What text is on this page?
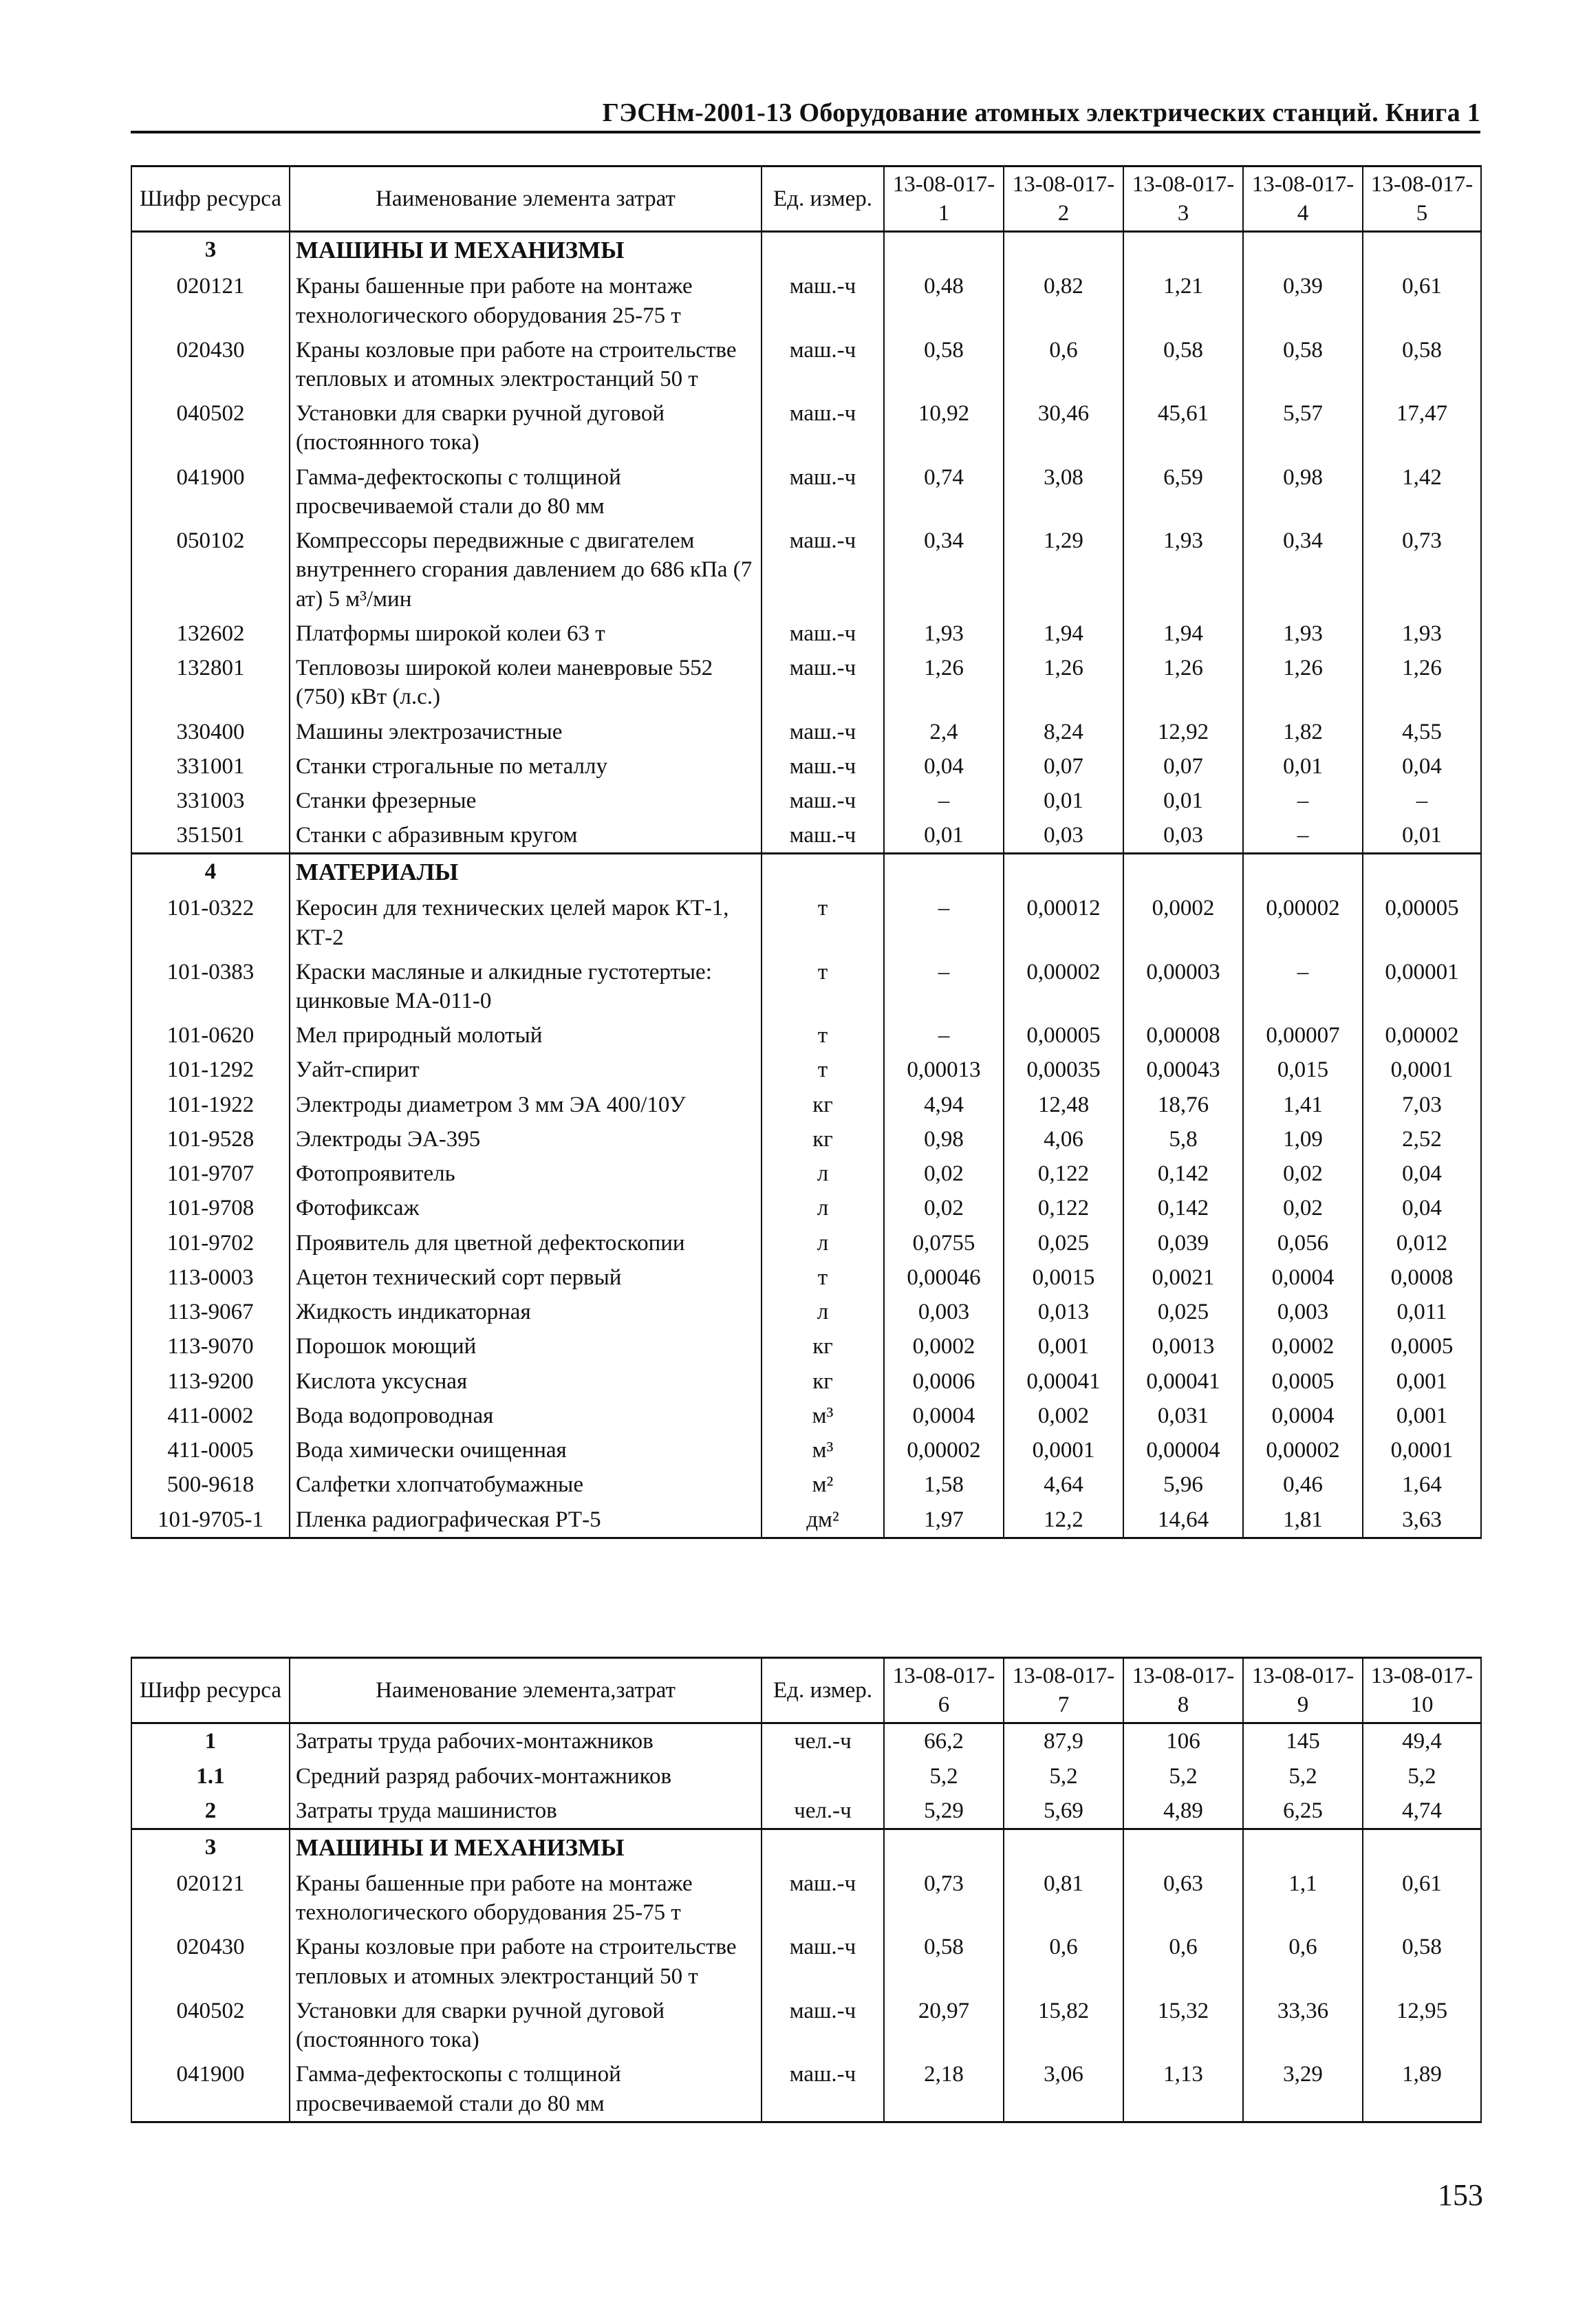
ГЭСНм-2001-13 Оборудование атомных электрических станций. Книга 1
Шифр ресурса	Наименование элемента затрат	Ед. измер.	13-08-017-1	13-08-017-2	13-08-017-3	13-08-017-4	13-08-017-5
3	МАШИНЫ И МЕХАНИЗМЫ						
020121	Краны башенные при работе на монтаже технологического оборудования 25-75 т	маш.-ч	0,48	0,82	1,21	0,39	0,61
020430	Краны козловые при работе на строительстве тепловых и атомных электростанций 50 т	маш.-ч	0,58	0,6	0,58	0,58	0,58
040502	Установки для сварки ручной дуговой (постоянного тока)	маш.-ч	10,92	30,46	45,61	5,57	17,47
041900	Гамма-дефектоскопы с толщиной просвечиваемой стали до 80 мм	маш.-ч	0,74	3,08	6,59	0,98	1,42
050102	Компрессоры передвижные с двигателем внутреннего сгорания давлением до 686 кПа (7 ат) 5 м³/мин	маш.-ч	0,34	1,29	1,93	0,34	0,73
132602	Платформы широкой колеи 63 т	маш.-ч	1,93	1,94	1,94	1,93	1,93
132801	Тепловозы широкой колеи маневровые 552 (750) кВт (л.с.)	маш.-ч	1,26	1,26	1,26	1,26	1,26
330400	Машины электрозачистные	маш.-ч	2,4	8,24	12,92	1,82	4,55
331001	Станки строгальные по металлу	маш.-ч	0,04	0,07	0,07	0,01	0,04
331003	Станки фрезерные	маш.-ч	–	0,01	0,01	–	–
351501	Станки с абразивным кругом	маш.-ч	0,01	0,03	0,03	–	0,01
4	МАТЕРИАЛЫ						
101-0322	Керосин для технических целей марок КТ-1, КТ-2	т	–	0,00012	0,0002	0,00002	0,00005
101-0383	Краски масляные и алкидные густотертые: цинковые МА-011-0	т	–	0,00002	0,00003	–	0,00001
101-0620	Мел природный молотый	т	–	0,00005	0,00008	0,00007	0,00002
101-1292	Уайт-спирит	т	0,00013	0,00035	0,00043	0,015	0,0001
101-1922	Электроды диаметром 3 мм ЭА 400/10У	кг	4,94	12,48	18,76	1,41	7,03
101-9528	Электроды ЭА-395	кг	0,98	4,06	5,8	1,09	2,52
101-9707	Фотопроявитель	л	0,02	0,122	0,142	0,02	0,04
101-9708	Фотофиксаж	л	0,02	0,122	0,142	0,02	0,04
101-9702	Проявитель для цветной дефектоскопии	л	0,0755	0,025	0,039	0,056	0,012
113-0003	Ацетон технический сорт первый	т	0,00046	0,0015	0,0021	0,0004	0,0008
113-9067	Жидкость индикаторная	л	0,003	0,013	0,025	0,003	0,011
113-9070	Порошок моющий	кг	0,0002	0,001	0,0013	0,0002	0,0005
113-9200	Кислота уксусная	кг	0,0006	0,00041	0,00041	0,0005	0,001
411-0002	Вода водопроводная	м³	0,0004	0,002	0,031	0,0004	0,001
411-0005	Вода химически очищенная	м³	0,00002	0,0001	0,00004	0,00002	0,0001
500-9618	Салфетки хлопчатобумажные	м²	1,58	4,64	5,96	0,46	1,64
101-9705-1	Пленка радиографическая РТ-5	дм²	1,97	12,2	14,64	1,81	3,63
Шифр ресурса	Наименование элемента,затрат	Ед. измер.	13-08-017-6	13-08-017-7	13-08-017-8	13-08-017-9	13-08-017-10
1	Затраты труда рабочих-монтажников	чел.-ч	66,2	87,9	106	145	49,4
1.1	Средний разряд рабочих-монтажников		5,2	5,2	5,2	5,2	5,2
2	Затраты труда машинистов	чел.-ч	5,29	5,69	4,89	6,25	4,74
3	МАШИНЫ И МЕХАНИЗМЫ						
020121	Краны башенные при работе на монтаже технологического оборудования 25-75 т	маш.-ч	0,73	0,81	0,63	1,1	0,61
020430	Краны козловые при работе на строительстве тепловых и атомных электростанций 50 т	маш.-ч	0,58	0,6	0,6	0,6	0,58
040502	Установки для сварки ручной дуговой (постоянного тока)	маш.-ч	20,97	15,82	15,32	33,36	12,95
041900	Гамма-дефектоскопы с толщиной просвечиваемой стали до 80 мм	маш.-ч	2,18	3,06	1,13	3,29	1,89
153
